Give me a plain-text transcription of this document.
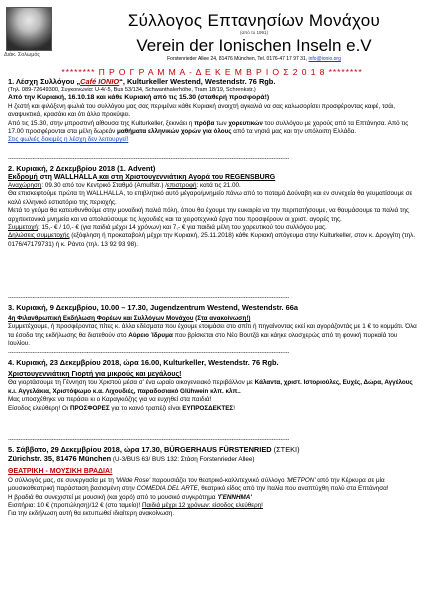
Διάκ. Σολωμός
Σύλλογος Επτανησίων Μονάχου
(από το 1991)
Verein der Ionischen Inseln e.V
Forstenrieder Allee 24, 81476 München, Tel. 0176-47 17 97 31, info@ionio.org
******** Π Ρ Ο Γ Ρ Α Μ Μ Α - Δ Ε Κ Ε Μ Β Ρ Ι Ο Σ 2 0 1 8 ********

1. Λέσχη Συλλόγου „Café IONIO“, Kulturkeller Westend, Westendstr. 76 Rgb.

(Τηλ. 089-72649300, Συγκοινωνία: U-4/-5, Bus 53/134, Schwanthalerhöhe, Tram 18/19, Schrenkstr.)

Από την Κυριακή, 16.10.18 και κάθε Κυριακή από τις 15.30 (σταθερή προσφορά!)

Η ζεστή και φιλόξενη φωλιά του συλλόγου μας σας περιμένει κάθε Κυριακή ανοιχτή αγκαλιά να σας καλωσορίσει προσφέροντας καφέ, τσάι, αναψυκτικά, κρασάκι και ότι άλλο προκύψει.

Από τις 15.30, στην μπροστινή αίθουσα της Kulturkeller, ξεκινάει η πρόβα των χορευτικών του συλλόγου με χορούς από τα Επτάνησα. Από τις 17.00 προσφέρονται στα μέλη δωρεάν μαθήματα ελληνικών χορών για όλους από τα νησιά μας και την υπόλοιπη Ελλάδα.

Στις φωλιές δοκιμές η λέσχη δεν λειτουργεί!

*****************************************************************************************************************************************************************

2. Κυριακή, 2 Δεκεμβρίου 2018 (1. Advent)

Εκδρομή στη WALLHALLA και στη Χριστουγεννιάτικη Αγορά του REGENSBURG

Αναχώρηση: 09.30 από τον Κεντρικό Σταθμό (Arnulfstr.) /επιστροφή: κατά τις 21.00.

Θα επισκεφτούμε πρώτα τη WALLHALLA, το επιβλητικό αυτό μέγαρο/μνημείο πάνω από το ποταμό Δούναβη και εν συνεχεία θα γευματίσουμε σε καλό ελληνικό εστιατόριο της περιοχής.

Μετά το γεύμα θα κατευθυνθούμε στην μοναδική παλιά πόλη, όπου θα έχουμε την ευκαιρία να την περιπατήσουμε, να θαυμάσουμε τα παλιά της αρχιτεκτονικά μνημεία και να απολαύσουμε τις λιχουδιές και τα χειροτεχνικά έργα που προσφέρουν οι χριστ. αγορές της.

Συμμετοχή: 15,- € / 10,- € (για παιδιά μέχρι 14 χρόνων) και 7,- € για παιδιά μέλη του χορευτικού του συλλόγου μας.

Δηλώσεις συμμετοχής (εξόφληση ή προκαταβολή μέχρι την Κυριακή, 25.11.2018) κάθε Κυριακή απόγευμα στην Kulturkeller, στον κ. Δρογγίτη (τηλ. 0176/47179731) ή κ. Ράντο (τηλ. 13 92 93 98).

*****************************************************************************************************************************************************************

3. Κυριακή, 9 Δεκεμβρίου, 10.00 – 17.30, Jugendzentrum Westend, Westendstr. 66a

4η Φιλανθρωπική Εκδήλωση Φορέων και Συλλόγων Μονάχου (Στα ανακοίνωση!)

Συμμετέχουμε, ή προσφέροντας πίτες κ. άλλα εδέσματα που έχουμε ετοιμάσει στο σπίτι ή πηγαίνοντας εκεί και αγοράζοντάς με 1 € το κομμάτι. Όλα τα έσοδα της εκδήλωσης θα διατεθούν στο Αύρειο Ίδρυμα που βρίσκεται στο Νέο Βουτζά και κάηκε ολοσχερώς από τη φονική πυρκαϊά του Ιουλίου.

*****************************************************************************************************************************************************************

4. Κυριακή, 23 Δεκεμβρίου 2018, ώρα 16.00, Kulturkeller, Westendstr. 76 Rgb.

Χριστουγεννιάτικη Γιορτή για μικρούς και μεγάλους!

Θα γιορτάσουμε τη Γέννηση του Χριστού μέσα σ’ ένα ωραίο οικογενειακό περιβάλλον με Κάλαντα, χριστ. Ιστοριούλες, Ευχές, Δώρα, Αγγέλους κ.ι. Αγγελάκια, Χριστόψωμο κ.α. Λιχουδιές, παραδοσιακό Glühwein κλπ. κλπ..

Μας υποσχέθηκε να περάσει κι ο Καραγκιόζης για να ευχηθεί στα παιδιά!

Είσοδος ελεύθερη! Οι ΠΡΟΣΦΟΡΕΣ για το καινό τραπέζι είναι ΕΥΠΡΟΣΔΕΚΤΕΣ!

*****************************************************************************************************************************************************************

5. Σάββατο, 29 Δεκεμβρίου 2018, ώρα 17.30, BÜRGERHAUS FÜRSTENRIED (ΣΤΕΚΙ)

Zürichstr. 35, 81476 München (U-3/BUS 63/ BUS 132: Στάση Forstenrieder Allee)

ΘΕΑΤΡΙΚΗ - ΜΟΥΣΙΚΗ ΒΡΑΔΙΑ!

Ο σύλλογός μας, σε συνεργασία με τη 'Wilde Rose' παρουσιάζει τον θεατρικό-καλλιτεχνικό σύλλογο 'METPON' από την Κέρκυρα σε μία μουσικοθεατρική παράσταση βασισμένη στην COMEDIA DEL ARTE, θεατρικό είδος από την Ιταλία που αναπτύχθη πολύ στα Επτάνησα!

Η βραδιά θα συνεχιστεί με μουσική (και χορό) από το μουσικό συγκρότημα 'ΓΕΝΝΗΜΑ'

Εισιτήρια: 10 € (προπώληση)/12 € (στο ταμείο)! Παιδιά μέχρι 12 χρόνων: είσοδος ελεύθερη!

Για την εκδήλωση αυτή θα εκτυπωθεί ιδιαίτερη ανακοίνωση.
